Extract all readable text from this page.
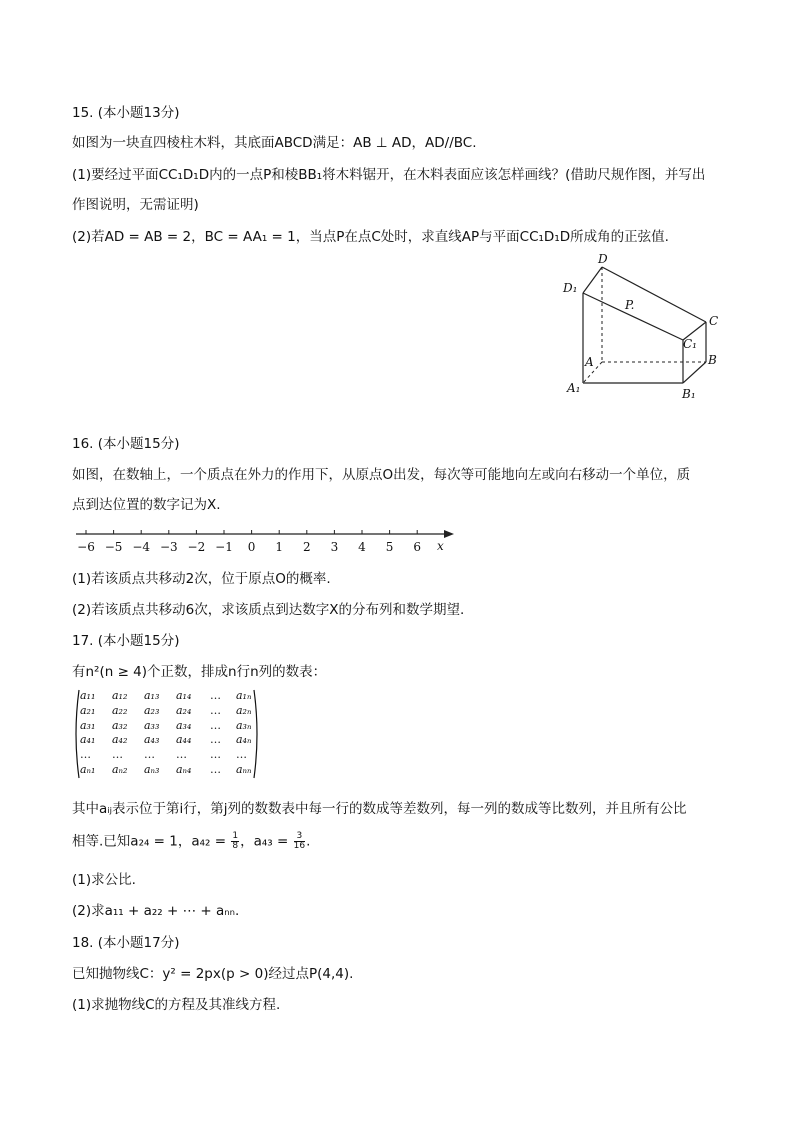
15. (本小题13分)
如图为一块直四棱柱木料，其底面ABCD满足：AB ⊥ AD，AD//BC.
(1)要经过平面CC₁D₁D内的一点P和棱BB₁将木料锯开，在木料表面应该怎样画线？(借助尺规作图，并写出
作图说明，无需证明)
(2)若AD = AB = 2，BC = AA₁ = 1，当点P在点C处时，求直线AP与平面CC₁D₁D所成角的正弦值.
D
D₁
P.
C
C₁
A	B
A₁	B₁
16. (本小题15分)
如图，在数轴上，一个质点在外力的作用下，从原点O出发，每次等可能地向左或向右移动一个单位，质
点到达位置的数字记为X.
−6 −5 −4 −3 −2 −1 0 1 2 3 4 5 6 x
(1)若该质点共移动2次，位于原点O的概率.
(2)若该质点共移动6次，求该质点到达数字X的分布列和数学期望.
17. (本小题15分)
有n²(n ≥ 4)个正数，排成n行n列的数表：
a₁₁ a₁₂ a₁₃ a₁₄ … a₁ₙ
a₂₁ a₂₂ a₂₃ a₂₄ … a₂ₙ
a₃₁ a₃₂ a₃₃ a₃₄ … a₃ₙ
a₄₁ a₄₂ a₄₃ a₄₄ … a₄ₙ
… … … … … …
aₙ₁ aₙ₂ aₙ₃ aₙ₄ … aₙₙ
其中aᵢⱼ表示位于第i行，第j列的数数表中每一行的数成等差数列，每一列的数成等比数列，并且所有公比
相等.已知a₂₄ = 1，$a_{42} = \frac{1}{8}$ ，$a_{43} = \frac{3}{16}$ .
(1)求公比.
(2)求a₁₁ + a₂₂ + ⋯ + aₙₙ.
18. (本小题17分)
已知抛物线C：y² = 2px(p > 0)经过点P(4,4).
(1)求抛物线C的方程及其准线方程.
